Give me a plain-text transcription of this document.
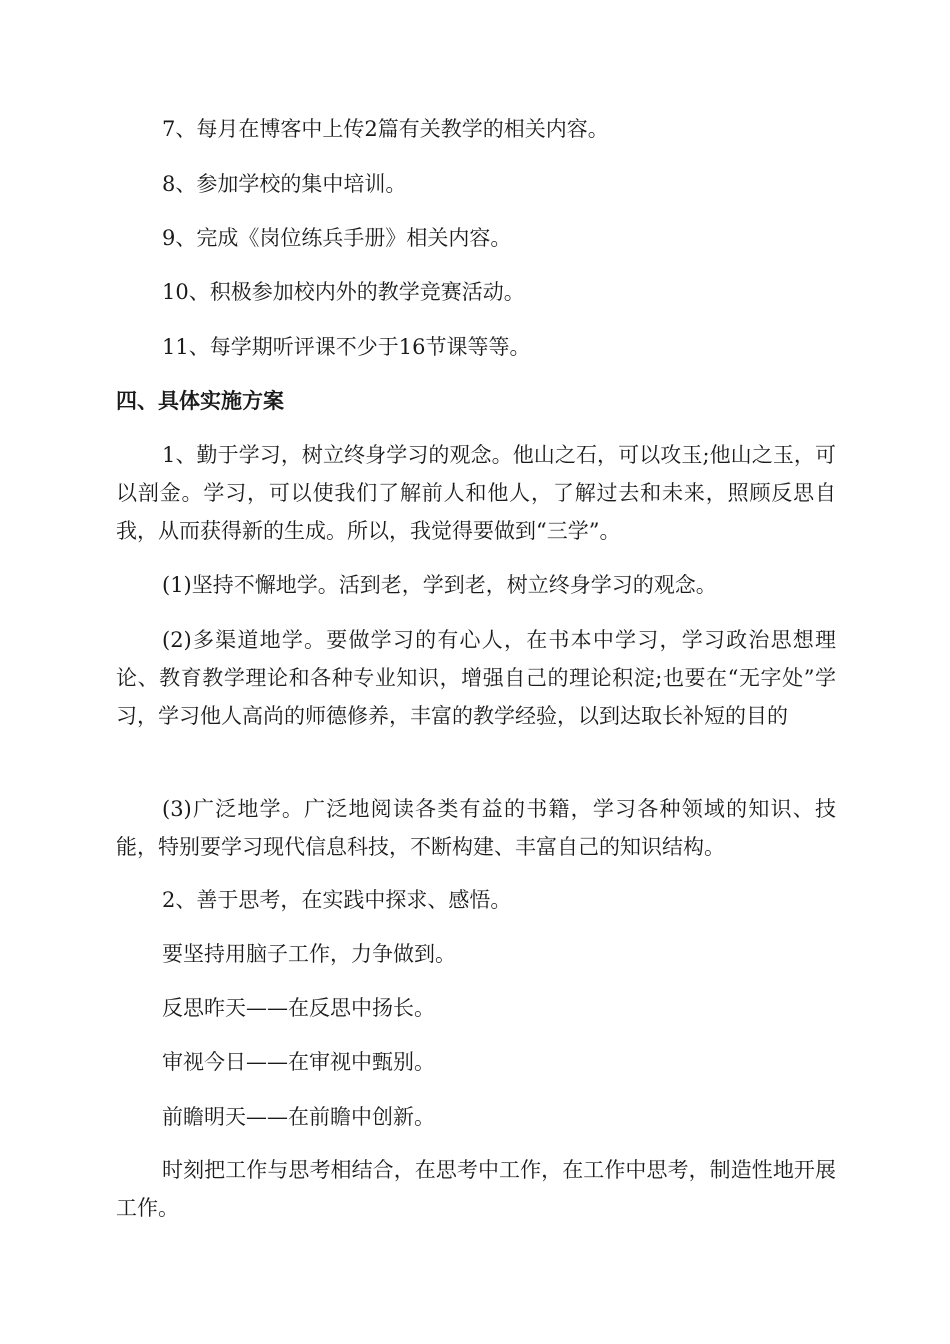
7、每月在博客中上传2篇有关教学的相关内容。

8、参加学校的集中培训。

9、完成《岗位练兵手册》相关内容。

10、积极参加校内外的教学竞赛活动。

11、每学期听评课不少于16节课等等。

四、具体实施方案

1、勤于学习，树立终身学习的观念。他山之石，可以攻玉;他山之玉，可以剖金。学习，可以使我们了解前人和他人，了解过去和未来，照顾反思自我，从而获得新的生成。所以，我觉得要做到“三学”。

(1)坚持不懈地学。活到老，学到老，树立终身学习的观念。

(2)多渠道地学。要做学习的有心人，在书本中学习，学习政治思想理论、教育教学理论和各种专业知识，增强自己的理论积淀;也要在“无字处”学习，学习他人高尚的师德修养，丰富的教学经验，以到达取长补短的目的

(3)广泛地学。广泛地阅读各类有益的书籍，学习各种领域的知识、技能，特别要学习现代信息科技，不断构建、丰富自己的知识结构。

2、善于思考，在实践中探求、感悟。

要坚持用脑子工作，力争做到。

反思昨天——在反思中扬长。

审视今日——在审视中甄别。

前瞻明天——在前瞻中创新。

时刻把工作与思考相结合，在思考中工作，在工作中思考，制造性地开展工作。
